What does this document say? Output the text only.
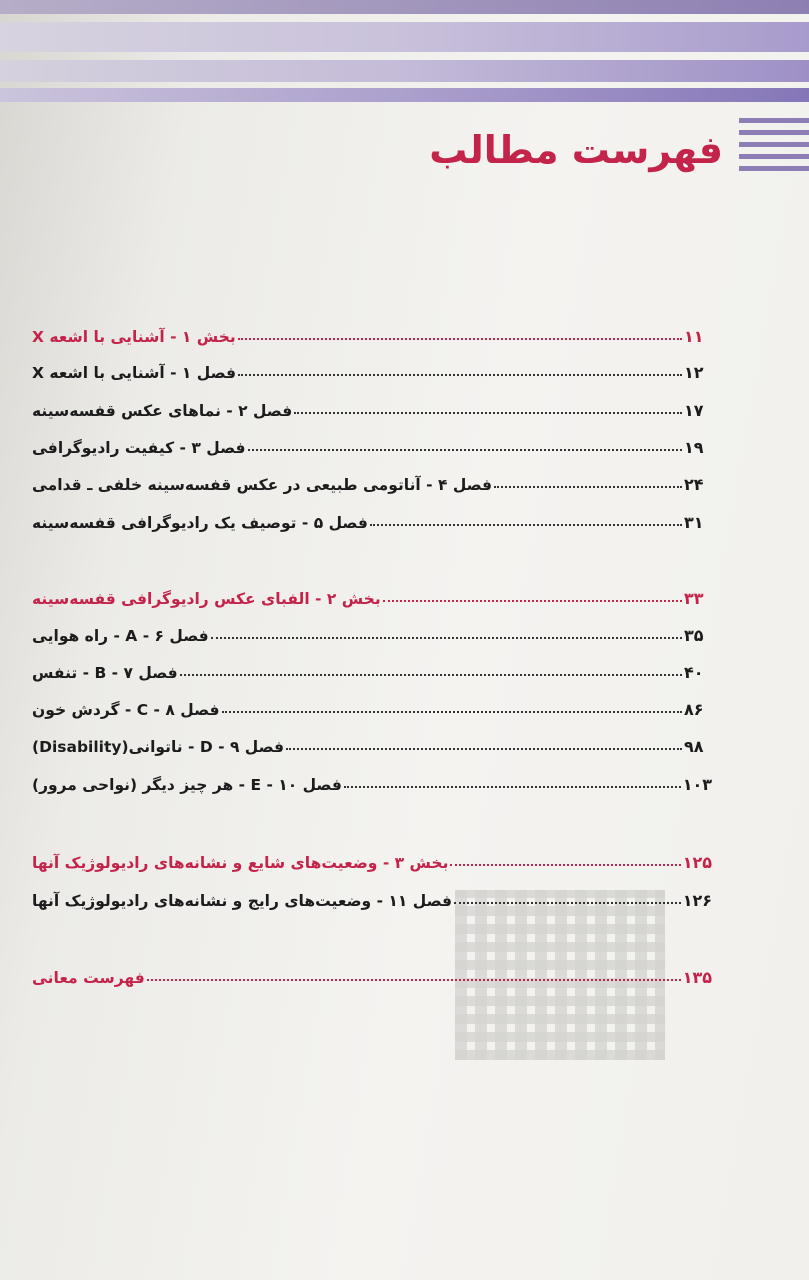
فهرست مطالب
بخش ۱ - آشنایی با اشعه X	۱۱
فصل ۱ - آشنایی با اشعه X	۱۲
فصل ۲ - نماهای عکس قفسه‌سینه	۱۷
فصل ۳ - کیفیت رادیوگرافی	۱۹
فصل ۴ - آناتومی طبیعی در عکس قفسه‌سینه خلفی ـ قدامی	۲۴
فصل ۵ - توصیف یک رادیوگرافی قفسه‌سینه	۳۱
بخش ۲ - الفبای عکس رادیوگرافی قفسه‌سینه	۳۳
فصل ۶ - A - راه هوایی	۳۵
فصل ۷ - B - تنفس	۴۰
فصل ۸ - C - گردش خون	۸۶
فصل ۹ - D - ناتوانی(Disability)	۹۸
فصل ۱۰ - E - هر چیز دیگر (نواحی مرور)	۱۰۳
بخش ۳ - وضعیت‌های شایع و نشانه‌های رادیولوژیک آنها	۱۲۵
فصل ۱۱ - وضعیت‌های رایج و نشانه‌های رادیولوژیک آنها	۱۲۶
فهرست معانی	۱۳۵
